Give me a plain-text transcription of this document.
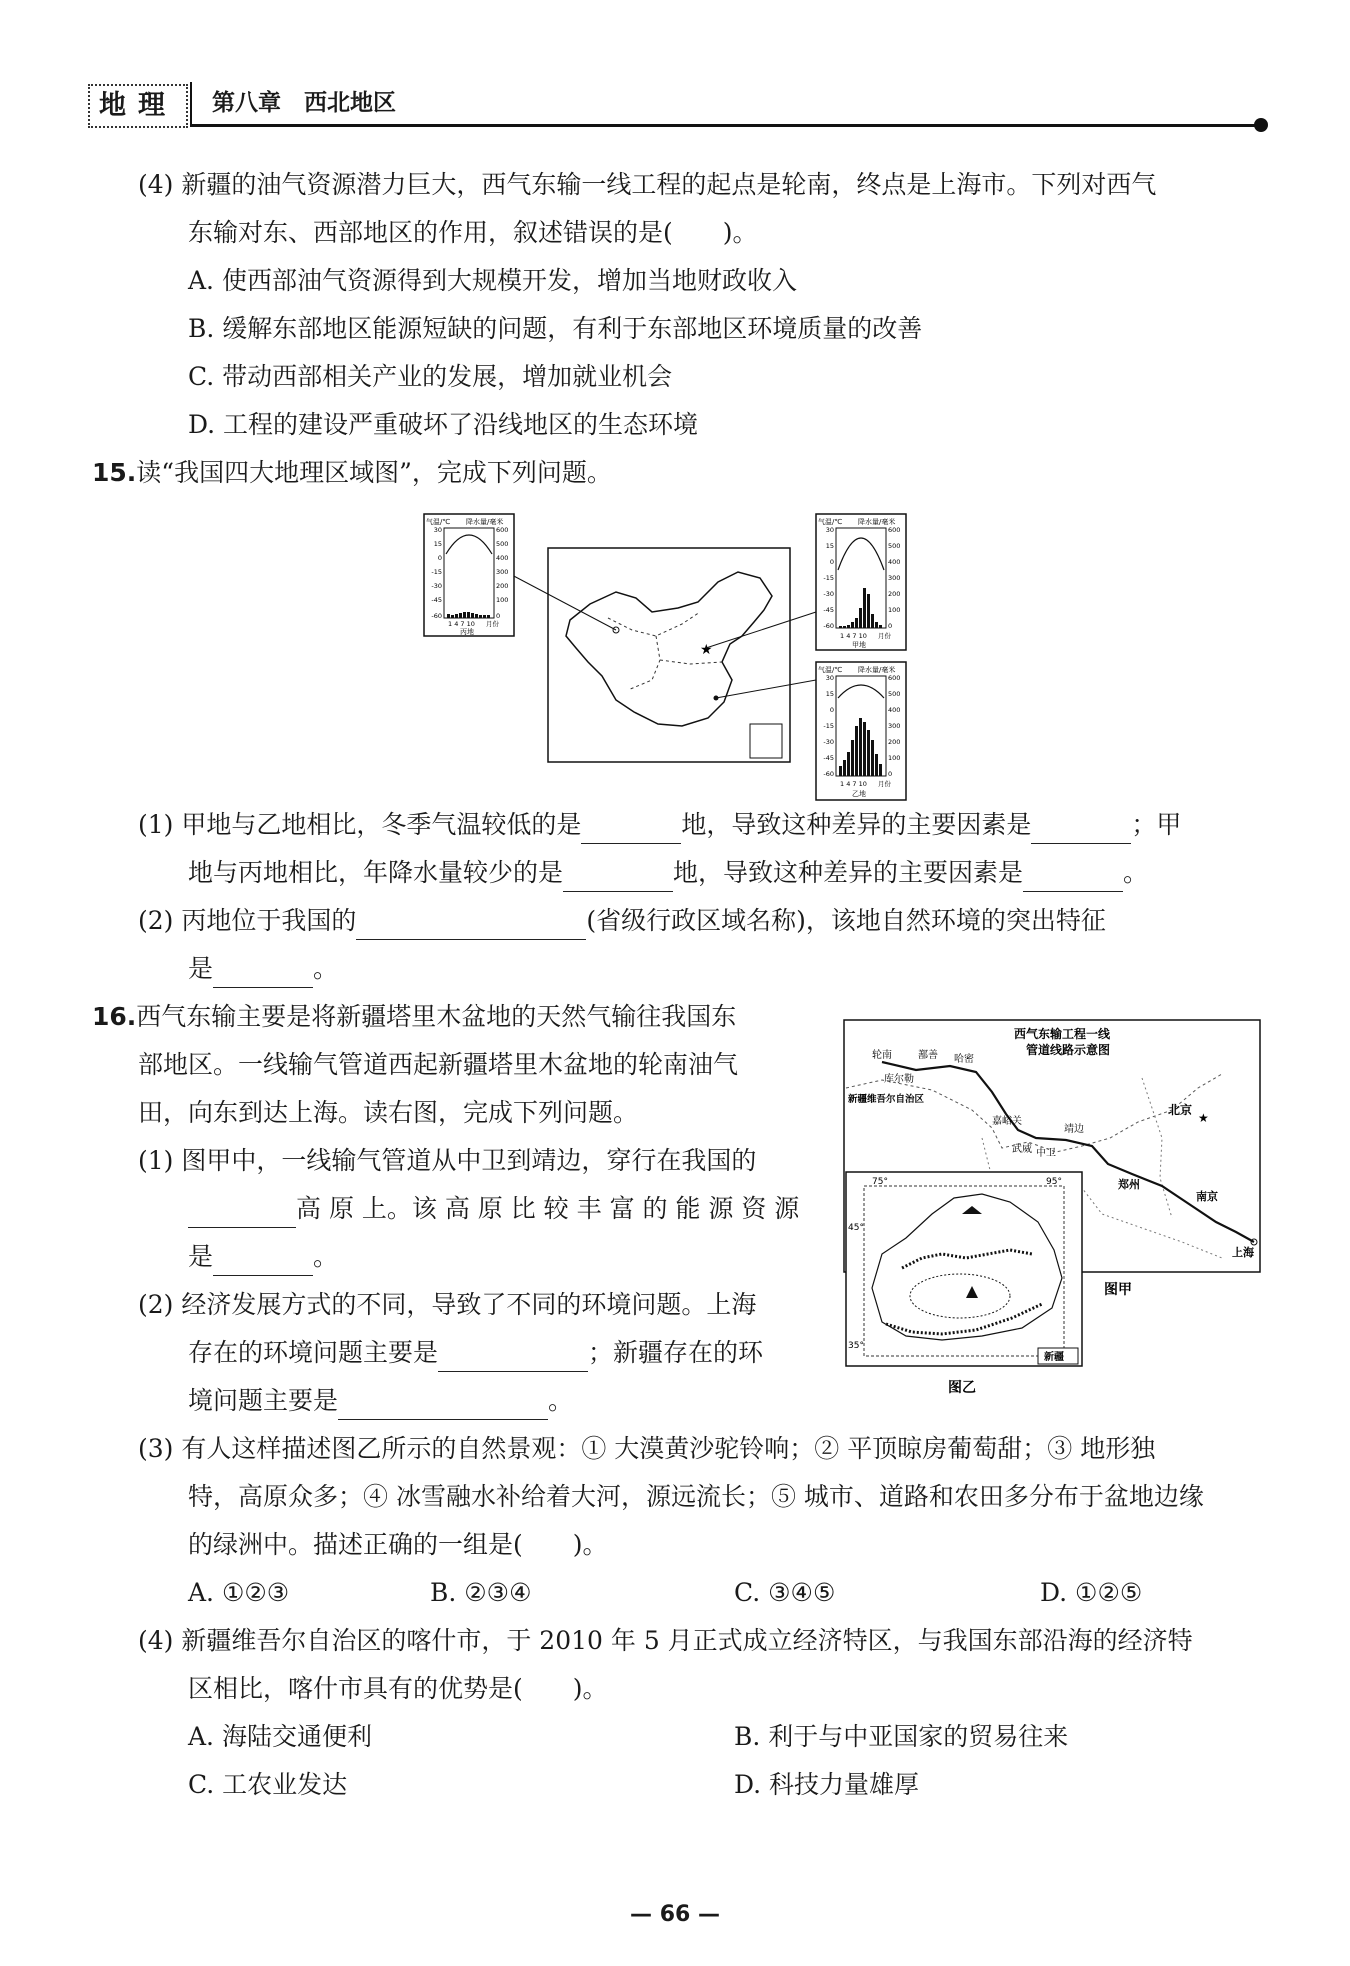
地理	第八章　西北地区
(4) 新疆的油气资源潜力巨大，西气东输一线工程的起点是轮南，终点是上海市。下列对西气
东输对东、西部地区的作用，叙述错误的是(　　)。
A. 使西部油气资源得到大规模开发，增加当地财政收入
B. 缓解东部地区能源短缺的问题，有利于东部地区环境质量的改善
C. 带动西部相关产业的发展，增加就业机会
D. 工程的建设严重破坏了沿线地区的生态环境
15.读“我国四大地理区域图”，完成下列问题。
★
气温/℃ 降水量/毫米
30
15
0
-15
-30
-45
-60
600
500
400
300
200
100
0
1 4 7 10 月份
丙地
气温/℃ 降水量/毫米
30
15
0
-15
-30
-45
-60
600
500
400
300
200
100
0
1 4 7 10 月份
甲地
气温/℃ 降水量/毫米
30
15
0
-15
-30
-45
-60
600
500
400
300
200
100
0
1 4 7 10 月份
乙地
(1) 甲地与乙地相比，冬季气温较低的是	地，导致这种差异的主要因素是	；甲
地与丙地相比，年降水量较少的是	地，导致这种差异的主要因素是	。
(2) 丙地位于我国的	(省级行政区域名称)，该地自然环境的突出特征
是	。
16.西气东输主要是将新疆塔里木盆地的天然气输往我国东
部地区。一线输气管道西起新疆塔里木盆地的轮南油气
田，向东到达上海。读右图，完成下列问题。
(1) 图甲中，一线输气管道从中卫到靖边，穿行在我国的
高 原 上。该 高 原 比 较 丰 富 的 能 源 资 源
是	。
(2) 经济发展方式的不同，导致了不同的环境问题。上海
存在的环境问题主要是	；新疆存在的环
境问题主要是	。
西气东输工程一线
管道线路示意图
轮南	鄯善 哈密
库尔勒
新疆维吾尔自治区
嘉峪关
武威 中卫
靖边
北京
郑州
南京
上海
★
图甲
75°	95°
45°
35°
新疆
图乙
(3) 有人这样描述图乙所示的自然景观：① 大漠黄沙驼铃响；② 平顶晾房葡萄甜；③ 地形独
特，高原众多；④ 冰雪融水补给着大河，源远流长；⑤ 城市、道路和农田多分布于盆地边缘
的绿洲中。描述正确的一组是(　　)。
A. ①②③	B. ②③④	C. ③④⑤	D. ①②⑤
(4) 新疆维吾尔自治区的喀什市，于 2010 年 5 月正式成立经济特区，与我国东部沿海的经济特
区相比，喀什市具有的优势是(　　)。
A. 海陆交通便利	B. 利于与中亚国家的贸易往来
C. 工农业发达	D. 科技力量雄厚
— 66 —
